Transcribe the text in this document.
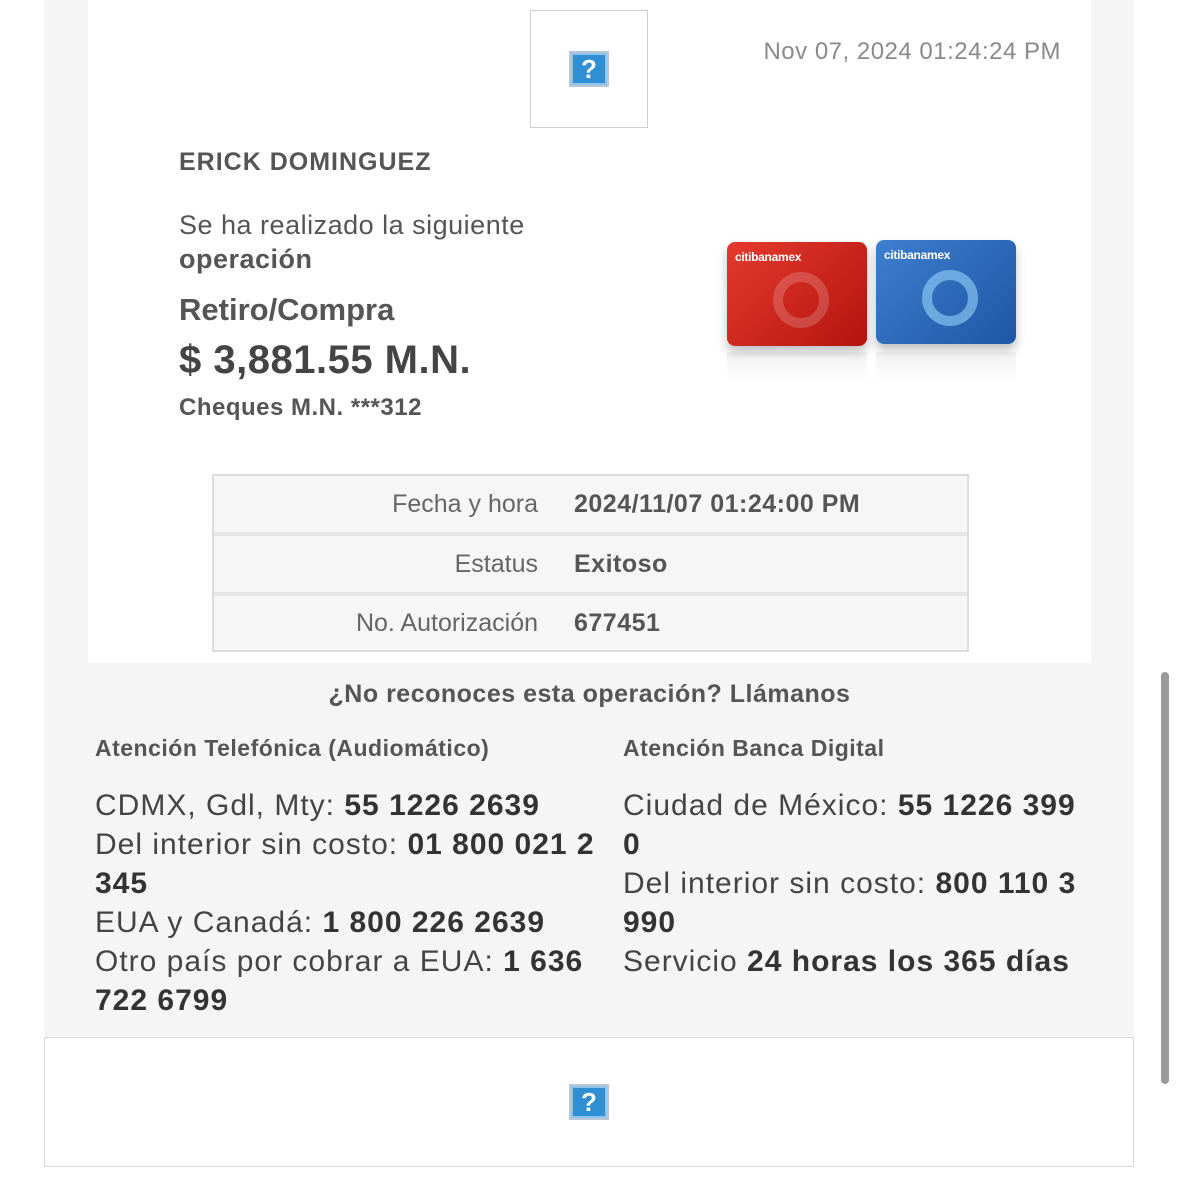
?
Nov 07, 2024 01:24:24 PM
ERICK DOMINGUEZ
Se ha realizado la siguiente
operación
Retiro/Compra
$ 3,881.55 M.N.
Cheques M.N. ***312
citibanamex	citibanamex
Fecha y hora	2024/11/07 01:24:00 PM
Estatus	Exitoso
No. Autorización	677451
¿No reconoces esta operación? Llámanos
Atención Telefónica (Audiomático)
CDMX, Gdl, Mty: 55 1226 2639
Del interior sin costo: 01 800 021 2345
EUA y Canadá: 1 800 226 2639
Otro país por cobrar a EUA: 1 636 722 6799
Atención Banca Digital
Ciudad de México: 55 1226 3990
Del interior sin costo: 800 110 3990
Servicio 24 horas los 365 días
?
